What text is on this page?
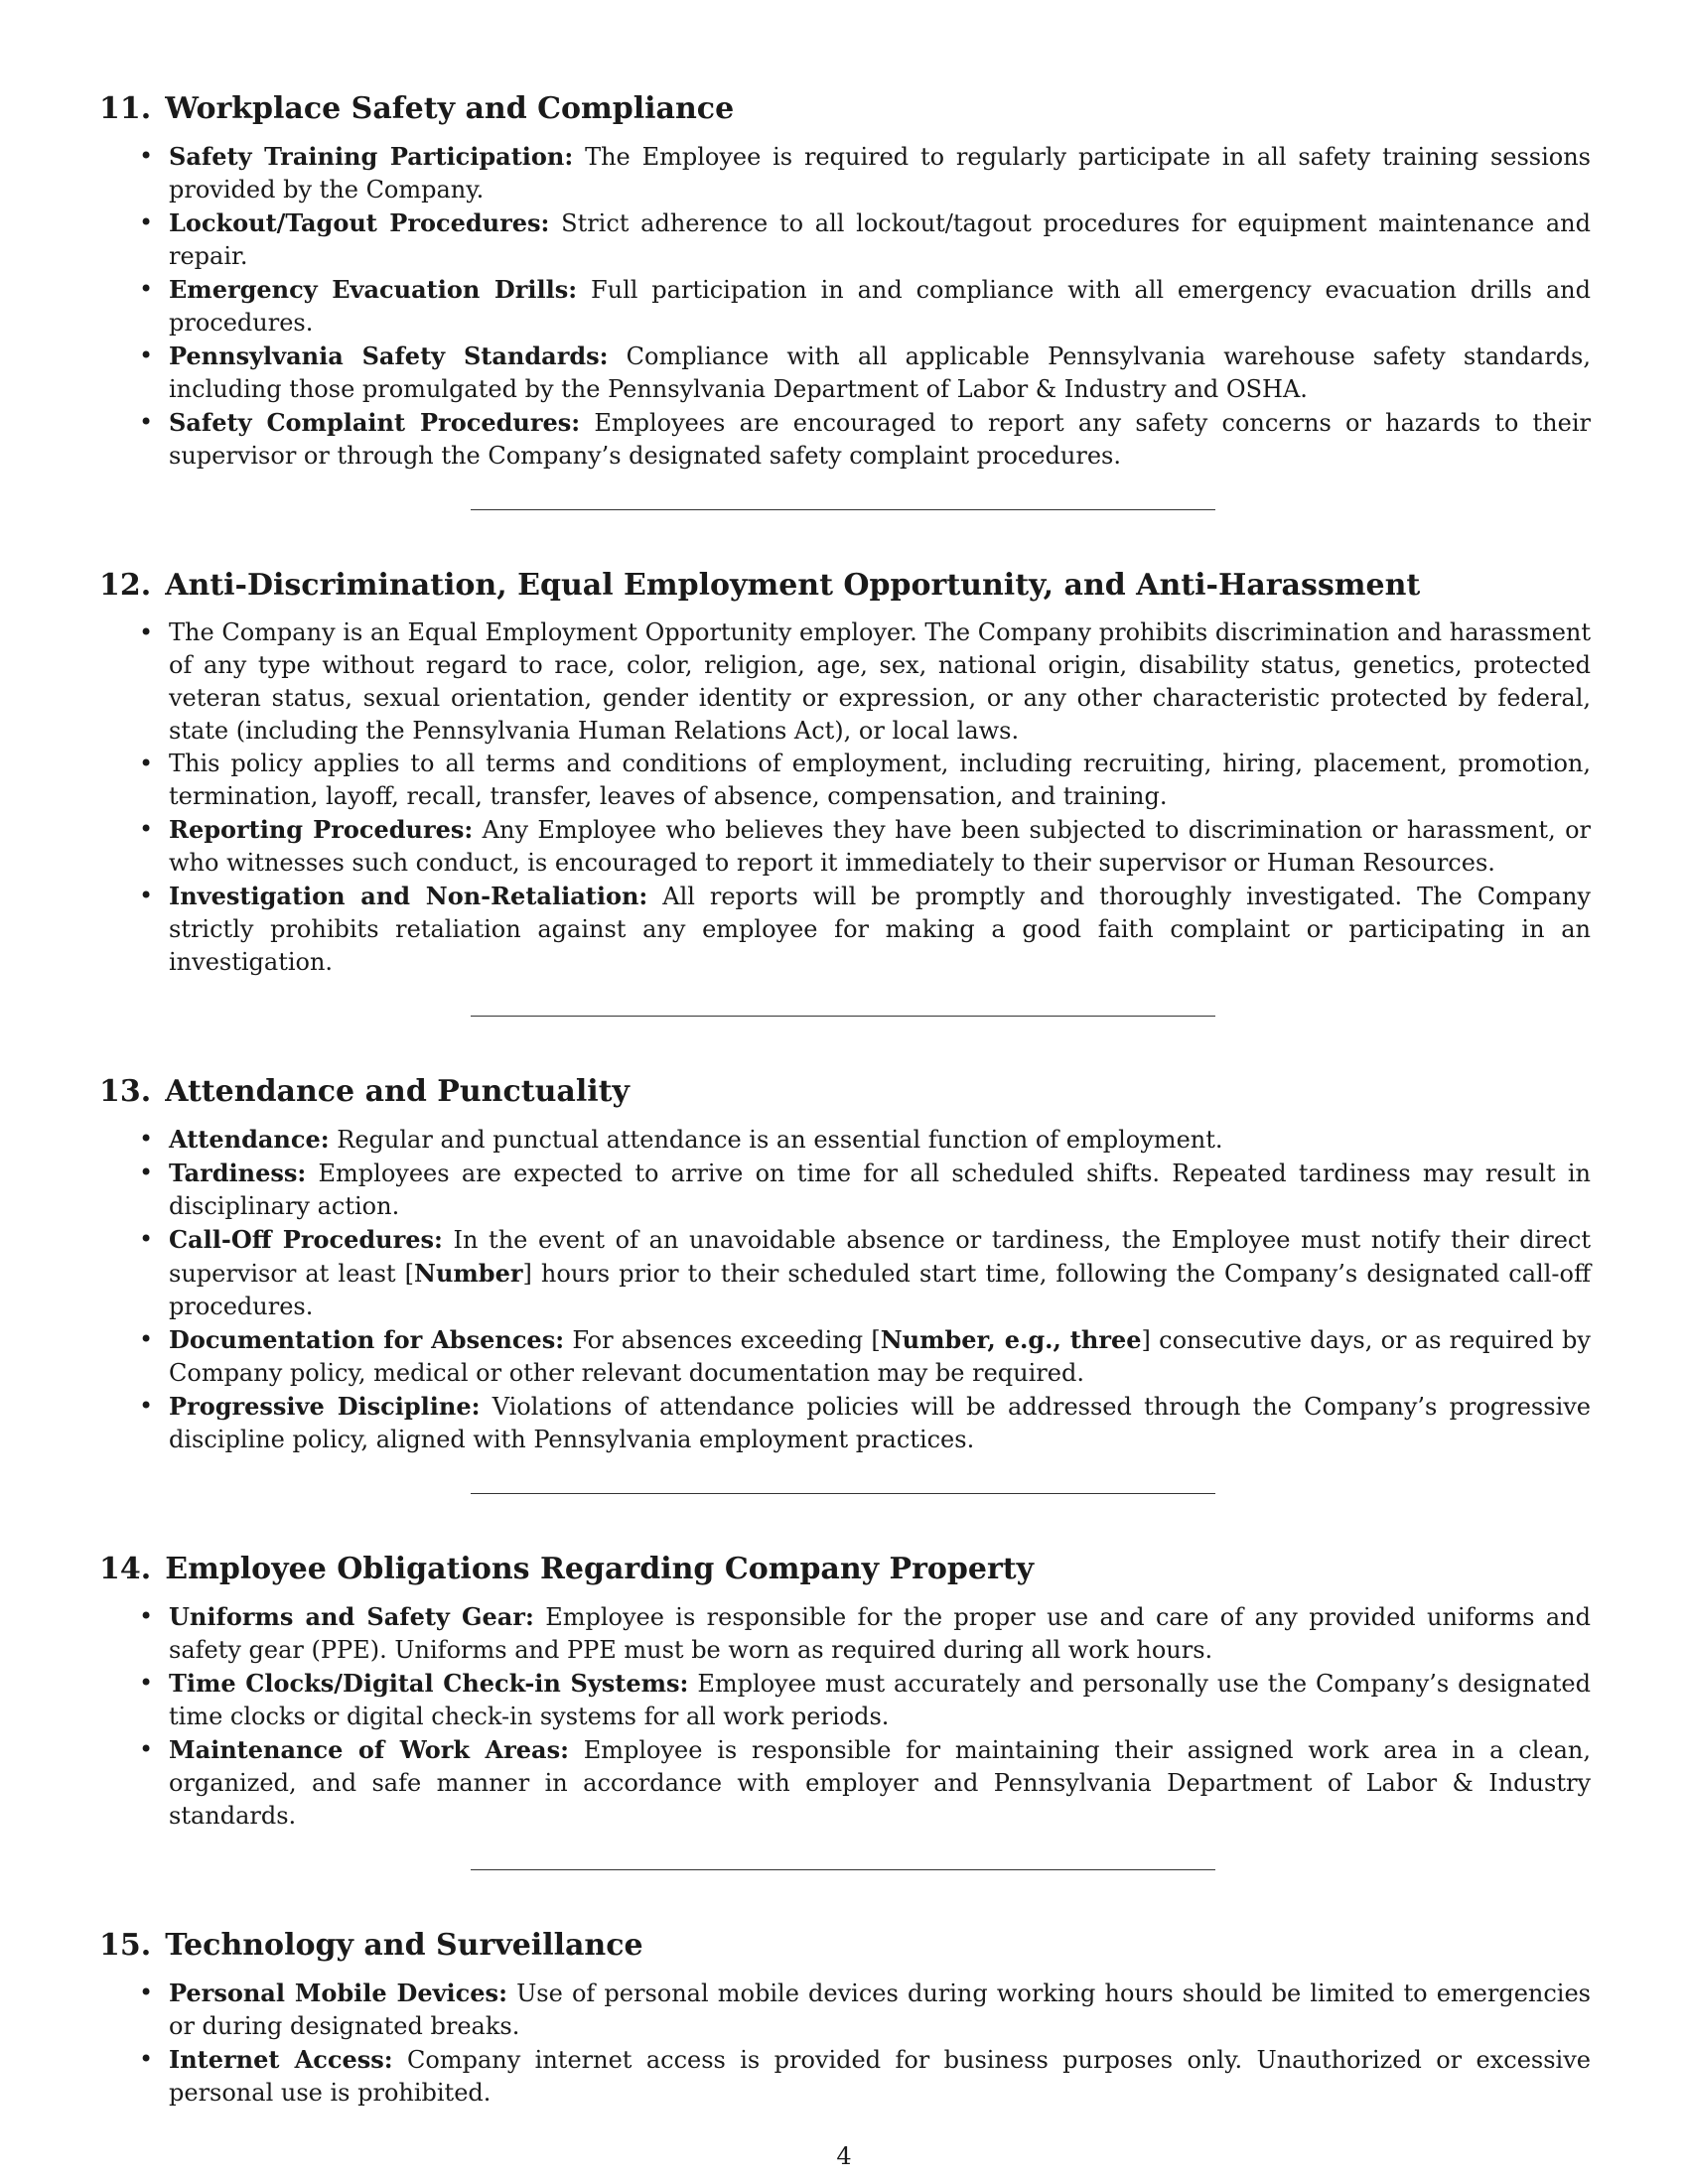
11. Workplace Safety and Compliance
• Safety Training Participation: The Employee is required to regularly participate in all safety training sessions provided by the Company.
• Lockout/Tagout Procedures: Strict adherence to all lockout/tagout procedures for equipment maintenance and repair.
• Emergency Evacuation Drills: Full participation in and compliance with all emergency evacuation drills and procedures.
• Pennsylvania Safety Standards: Compliance with all applicable Pennsylvania warehouse safety standards, including those promulgated by the Pennsylvania Department of Labor & Industry and OSHA.
• Safety Complaint Procedures: Employees are encouraged to report any safety concerns or hazards to their supervisor or through the Company’s designated safety complaint procedures.
12. Anti-Discrimination, Equal Employment Opportunity, and Anti-Harassment
• The Company is an Equal Employment Opportunity employer. The Company prohibits discrimination and harassment of any type without regard to race, color, religion, age, sex, national origin, disability status, genetics, protected veteran status, sexual orientation, gender identity or expression, or any other characteristic protected by federal, state (including the Pennsylvania Human Relations Act), or local laws.
• This policy applies to all terms and conditions of employment, including recruiting, hiring, placement, promotion, termination, layoff, recall, transfer, leaves of absence, compensation, and training.
• Reporting Procedures: Any Employee who believes they have been subjected to discrimination or harassment, or who witnesses such conduct, is encouraged to report it immediately to their supervisor or Human Resources.
• Investigation and Non-Retaliation: All reports will be promptly and thoroughly investigated. The Company strictly prohibits retaliation against any employee for making a good faith complaint or participating in an investigation.
13. Attendance and Punctuality
• Attendance: Regular and punctual attendance is an essential function of employment.
• Tardiness: Employees are expected to arrive on time for all scheduled shifts. Repeated tardiness may result in disciplinary action.
• Call-Off Procedures: In the event of an unavoidable absence or tardiness, the Employee must notify their direct supervisor at least [Number] hours prior to their scheduled start time, following the Company’s designated call-off procedures.
• Documentation for Absences: For absences exceeding [Number, e.g., three] consecutive days, or as required by Company policy, medical or other relevant documentation may be required.
• Progressive Discipline: Violations of attendance policies will be addressed through the Company’s progressive discipline policy, aligned with Pennsylvania employment practices.
14. Employee Obligations Regarding Company Property
• Uniforms and Safety Gear: Employee is responsible for the proper use and care of any provided uniforms and safety gear (PPE). Uniforms and PPE must be worn as required during all work hours.
• Time Clocks/Digital Check-in Systems: Employee must accurately and personally use the Company’s designated time clocks or digital check-in systems for all work periods.
• Maintenance of Work Areas: Employee is responsible for maintaining their assigned work area in a clean, organized, and safe manner in accordance with employer and Pennsylvania Department of Labor & Industry standards.
15. Technology and Surveillance
• Personal Mobile Devices: Use of personal mobile devices during working hours should be limited to emergencies or during designated breaks.
• Internet Access: Company internet access is provided for business purposes only. Unauthorized or excessive personal use is prohibited.
4
